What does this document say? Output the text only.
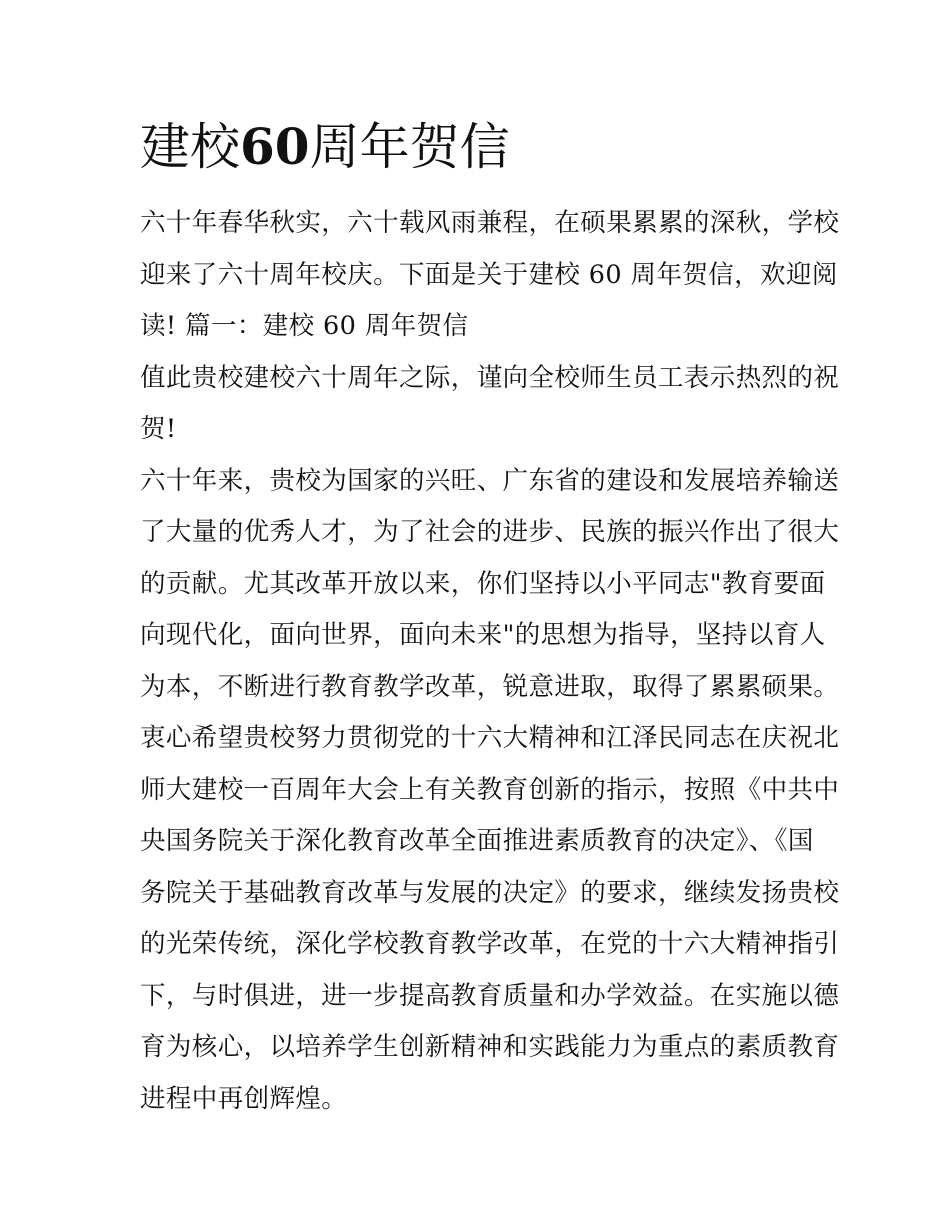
建校60周年贺信

六十年春华秋实，六十载风雨兼程，在硕果累累的深秋，学校
迎来了六十周年校庆。下面是关于建校 60 周年贺信，欢迎阅
读! 篇一：建校 60 周年贺信

值此贵校建校六十周年之际，谨向全校师生员工表示热烈的祝
贺!

六十年来，贵校为国家的兴旺、广东省的建设和发展培养输送
了大量的优秀人才，为了社会的进步、民族的振兴作出了很大
的贡献。尤其改革开放以来，你们坚持以小平同志"教育要面
向现代化，面向世界，面向未来"的思想为指导，坚持以育人
为本，不断进行教育教学改革，锐意进取，取得了累累硕果。

衷心希望贵校努力贯彻党的十六大精神和江泽民同志在庆祝北
师大建校一百周年大会上有关教育创新的指示，按照《中共中
央国务院关于深化教育改革全面推进素质教育的决定》、《国
务院关于基础教育改革与发展的决定》的要求，继续发扬贵校
的光荣传统，深化学校教育教学改革，在党的十六大精神指引
下，与时俱进，进一步提高教育质量和办学效益。在实施以德
育为核心，以培养学生创新精神和实践能力为重点的素质教育
进程中再创辉煌。
